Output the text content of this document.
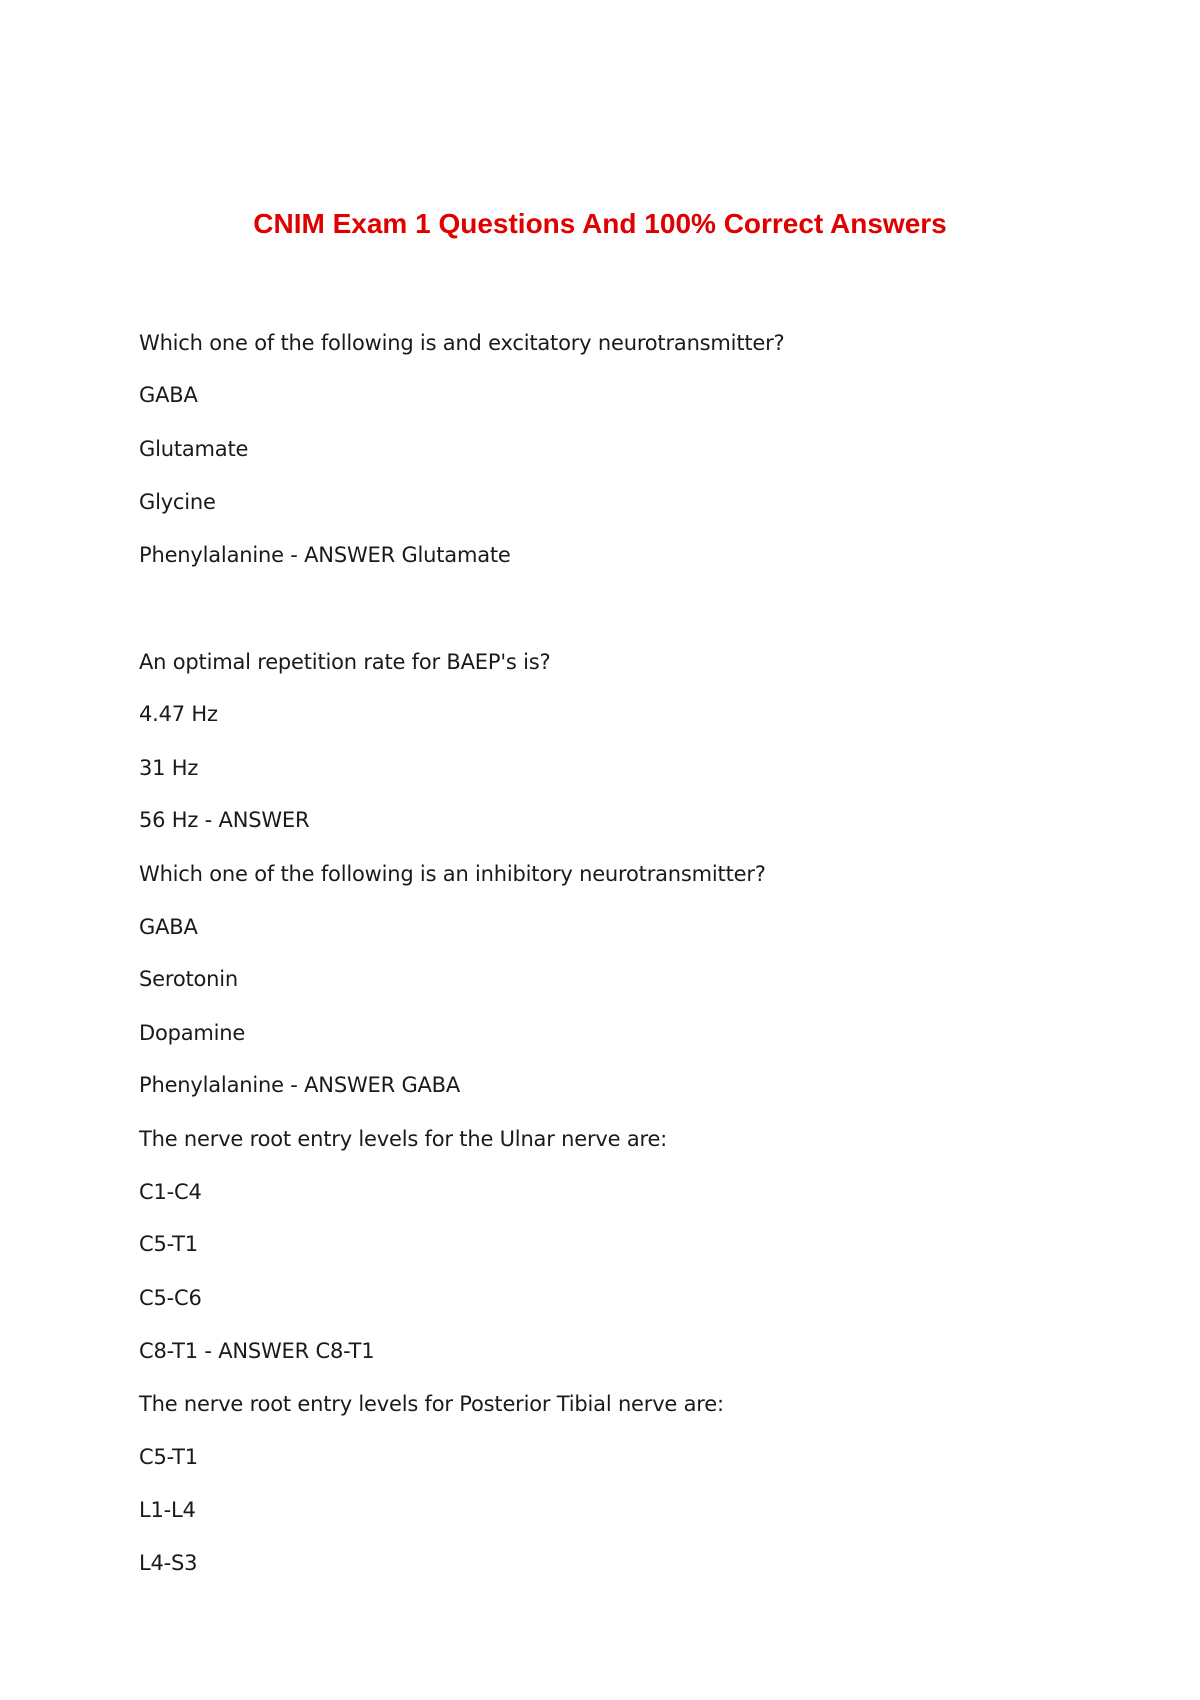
CNIM Exam 1 Questions And 100% Correct Answers
Which one of the following is and excitatory neurotransmitter?
GABA
Glutamate
Glycine
Phenylalanine - ANSWER Glutamate
An optimal repetition rate for BAEP's is?
4.47 Hz
31 Hz
56 Hz - ANSWER
Which one of the following is an inhibitory neurotransmitter?
GABA
Serotonin
Dopamine
Phenylalanine - ANSWER GABA
The nerve root entry levels for the Ulnar nerve are:
C1-C4
C5-T1
C5-C6
C8-T1 - ANSWER C8-T1
The nerve root entry levels for Posterior Tibial nerve are:
C5-T1
L1-L4
L4-S3
